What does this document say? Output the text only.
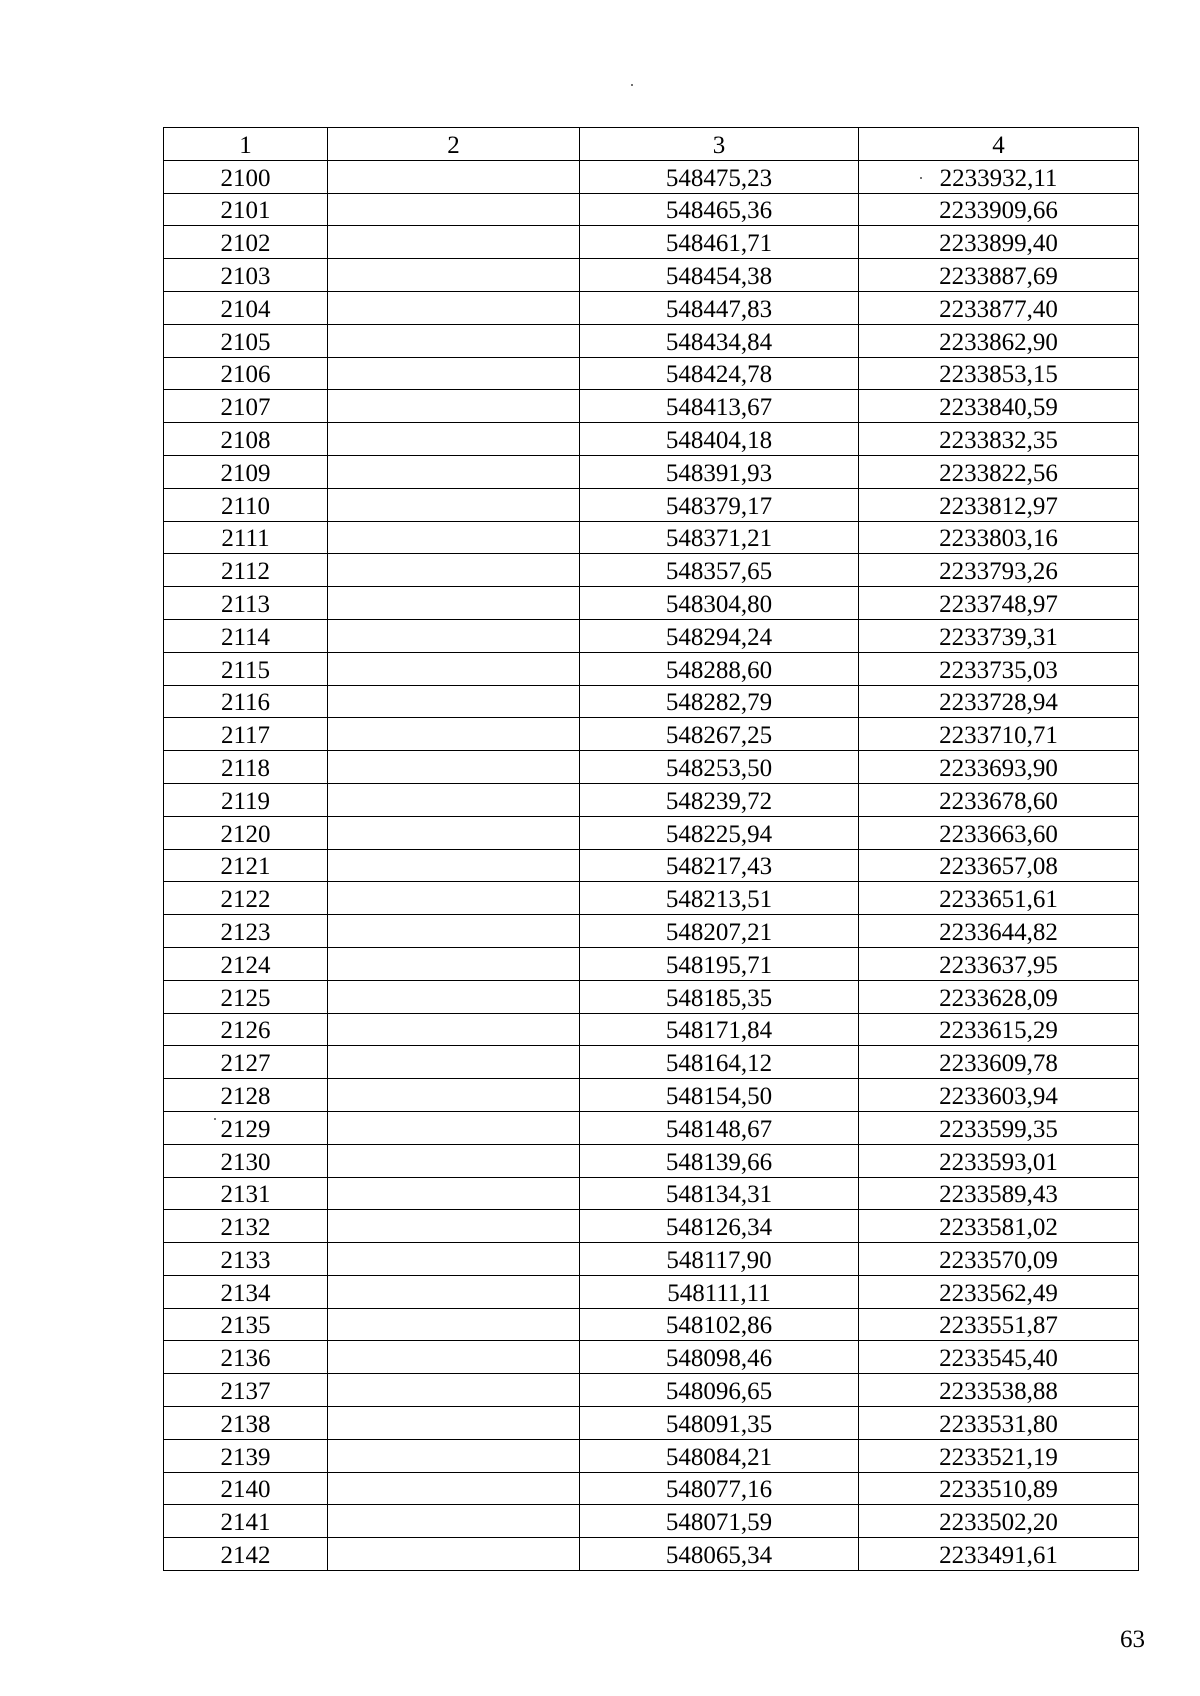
1	2	3	4
2100		548475,23	2233932,11
2101		548465,36	2233909,66
2102		548461,71	2233899,40
2103		548454,38	2233887,69
2104		548447,83	2233877,40
2105		548434,84	2233862,90
2106		548424,78	2233853,15
2107		548413,67	2233840,59
2108		548404,18	2233832,35
2109		548391,93	2233822,56
2110		548379,17	2233812,97
2111		548371,21	2233803,16
2112		548357,65	2233793,26
2113		548304,80	2233748,97
2114		548294,24	2233739,31
2115		548288,60	2233735,03
2116		548282,79	2233728,94
2117		548267,25	2233710,71
2118		548253,50	2233693,90
2119		548239,72	2233678,60
2120		548225,94	2233663,60
2121		548217,43	2233657,08
2122		548213,51	2233651,61
2123		548207,21	2233644,82
2124		548195,71	2233637,95
2125		548185,35	2233628,09
2126		548171,84	2233615,29
2127		548164,12	2233609,78
2128		548154,50	2233603,94
2129		548148,67	2233599,35
2130		548139,66	2233593,01
2131		548134,31	2233589,43
2132		548126,34	2233581,02
2133		548117,90	2233570,09
2134		548111,11	2233562,49
2135		548102,86	2233551,87
2136		548098,46	2233545,40
2137		548096,65	2233538,88
2138		548091,35	2233531,80
2139		548084,21	2233521,19
2140		548077,16	2233510,89
2141		548071,59	2233502,20
2142		548065,34	2233491,61
63
